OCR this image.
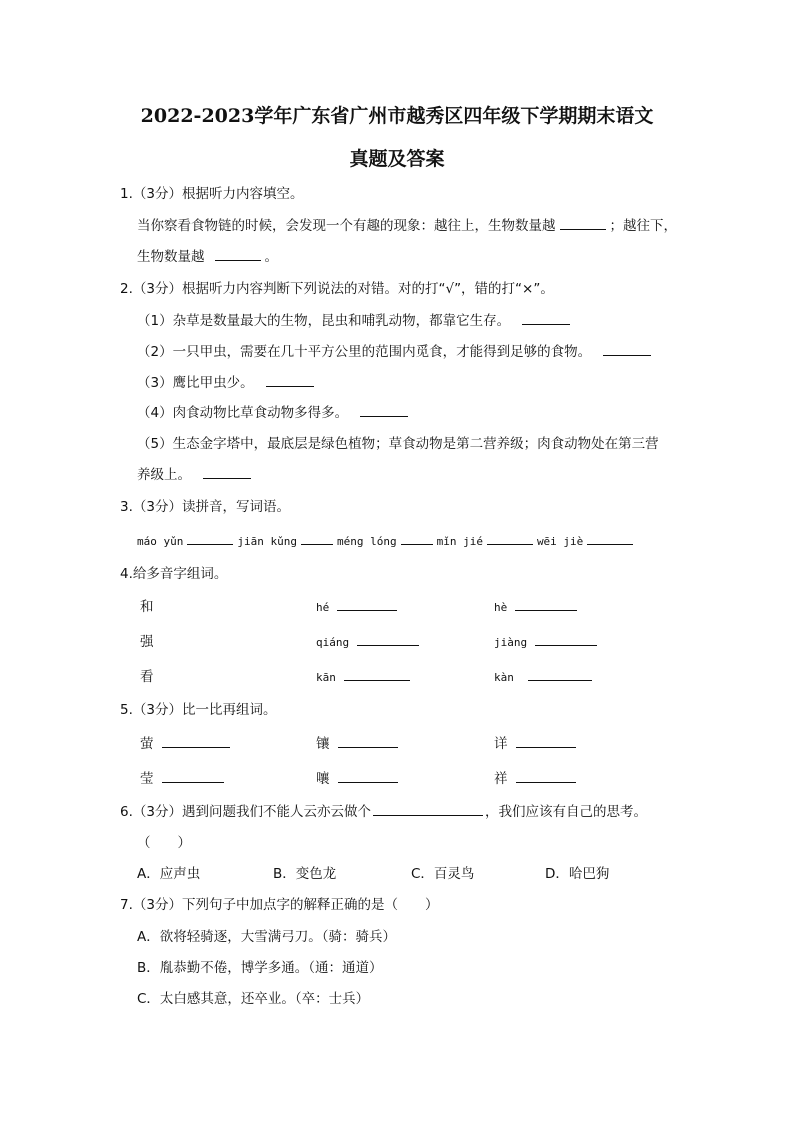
2022-2023学年广东省广州市越秀区四年级下学期期末语文
真题及答案
1.（3分）根据听力内容填空。
当你察看食物链的时候，会发现一个有趣的现象：越往上，生物数量越	；越往下，
生物数量越	。
2.（3分）根据听力内容判断下列说法的对错。对的打“√”，错的打“×”。
（1）杂草是数量最大的生物，昆虫和哺乳动物，都靠它生存。
（2）一只甲虫，需要在几十平方公里的范围内觅食，才能得到足够的食物。
（3）鹰比甲虫少。
（4）肉食动物比草食动物多得多。
（5）生态金字塔中，最底层是绿色植物；草食动物是第二营养级；肉食动物处在第三营
养级上。
3.（3分）读拼音，写词语。
máo yǔn	jiān kǔng	méng lóng	mǐn jié	wēi jiè
4.给多音字组词。
和	hé	hè
强	qiáng	jiàng
看	kān	kàn
5.（3分）比一比再组词。
萤	镶	详
莹	嚷	祥
6.（3分）遇到问题我们不能人云亦云做个	，我们应该有自己的思考。
（　　）
A．应声虫	B．变色龙	C．百灵鸟	D．哈巴狗
7.（3分）下列句子中加点字的解释正确的是（　　）
A．欲将轻骑逐，大雪满弓刀。（骑：骑兵）
B．胤恭勤不倦，博学多通。（通：通道）
C．太白感其意，还卒业。（卒：士兵）
